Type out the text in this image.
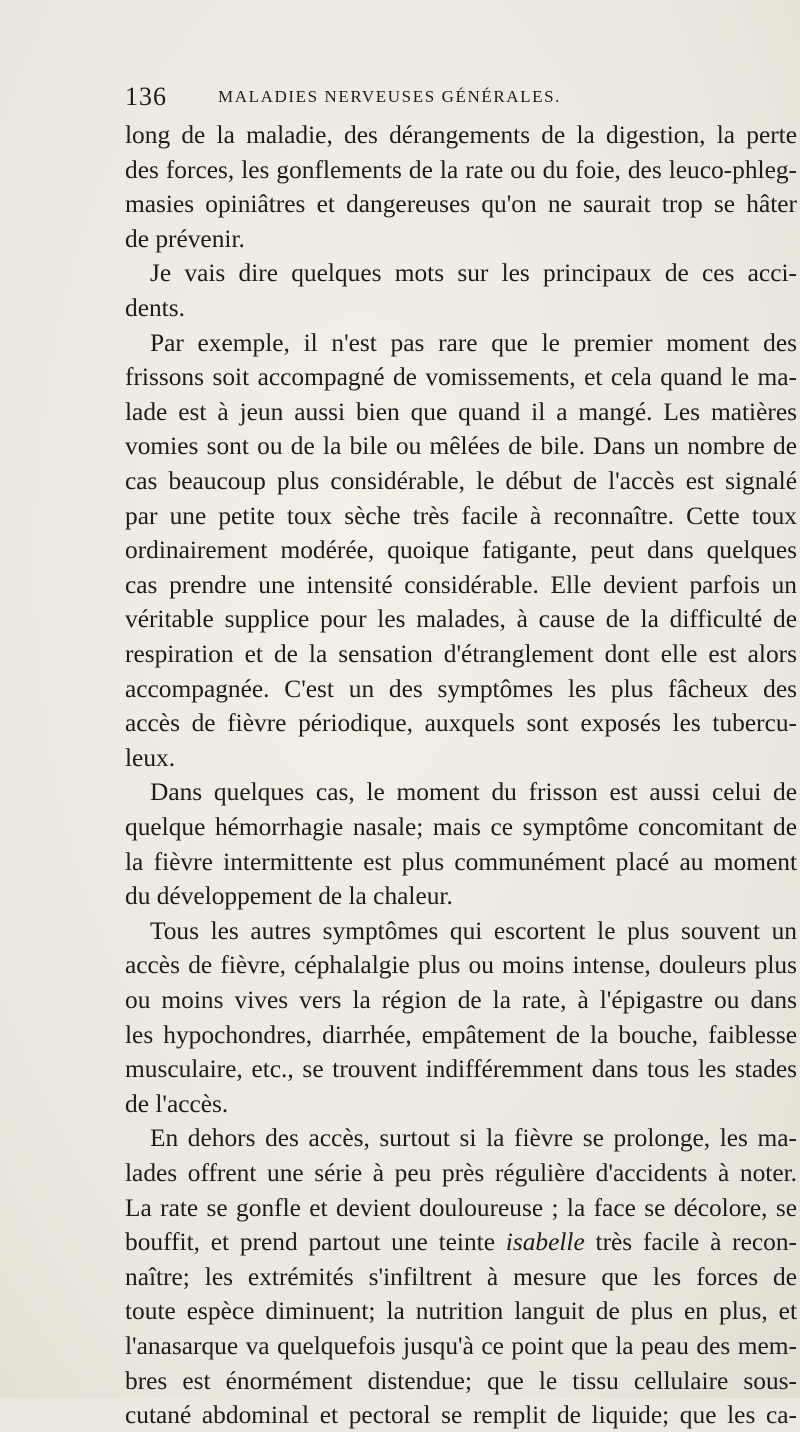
136	MALADIES NERVEUSES GÉNÉRALES.
long de la maladie, des dérangements de la digestion, la perte
des forces, les gonflements de la rate ou du foie, des leuco-phleg-
masies opiniâtres et dangereuses qu'on ne saurait trop se hâter
de prévenir.
Je vais dire quelques mots sur les principaux de ces acci-
dents.
Par exemple, il n'est pas rare que le premier moment des
frissons soit accompagné de vomissements, et cela quand le ma-
lade est à jeun aussi bien que quand il a mangé. Les matières
vomies sont ou de la bile ou mêlées de bile. Dans un nombre de
cas beaucoup plus considérable, le début de l'accès est signalé
par une petite toux sèche très facile à reconnaître. Cette toux
ordinairement modérée, quoique fatigante, peut dans quelques
cas prendre une intensité considérable. Elle devient parfois un
véritable supplice pour les malades, à cause de la difficulté de
respiration et de la sensation d'étranglement dont elle est alors
accompagnée. C'est un des symptômes les plus fâcheux des
accès de fièvre périodique, auxquels sont exposés les tubercu-
leux.
Dans quelques cas, le moment du frisson est aussi celui de
quelque hémorrhagie nasale; mais ce symptôme concomitant de
la fièvre intermittente est plus communément placé au moment
du développement de la chaleur.
Tous les autres symptômes qui escortent le plus souvent un
accès de fièvre, céphalalgie plus ou moins intense, douleurs plus
ou moins vives vers la région de la rate, à l'épigastre ou dans
les hypochondres, diarrhée, empâtement de la bouche, faiblesse
musculaire, etc., se trouvent indifféremment dans tous les stades
de l'accès.
En dehors des accès, surtout si la fièvre se prolonge, les ma-
lades offrent une série à peu près régulière d'accidents à noter.
La rate se gonfle et devient douloureuse ; la face se décolore, se
bouffit, et prend partout une teinte isabelle très facile à recon-
naître; les extrémités s'infiltrent à mesure que les forces de
toute espèce diminuent; la nutrition languit de plus en plus, et
l'anasarque va quelquefois jusqu'à ce point que la peau des mem-
bres est énormément distendue; que le tissu cellulaire sous-
cutané abdominal et pectoral se remplit de liquide; que les ca-
